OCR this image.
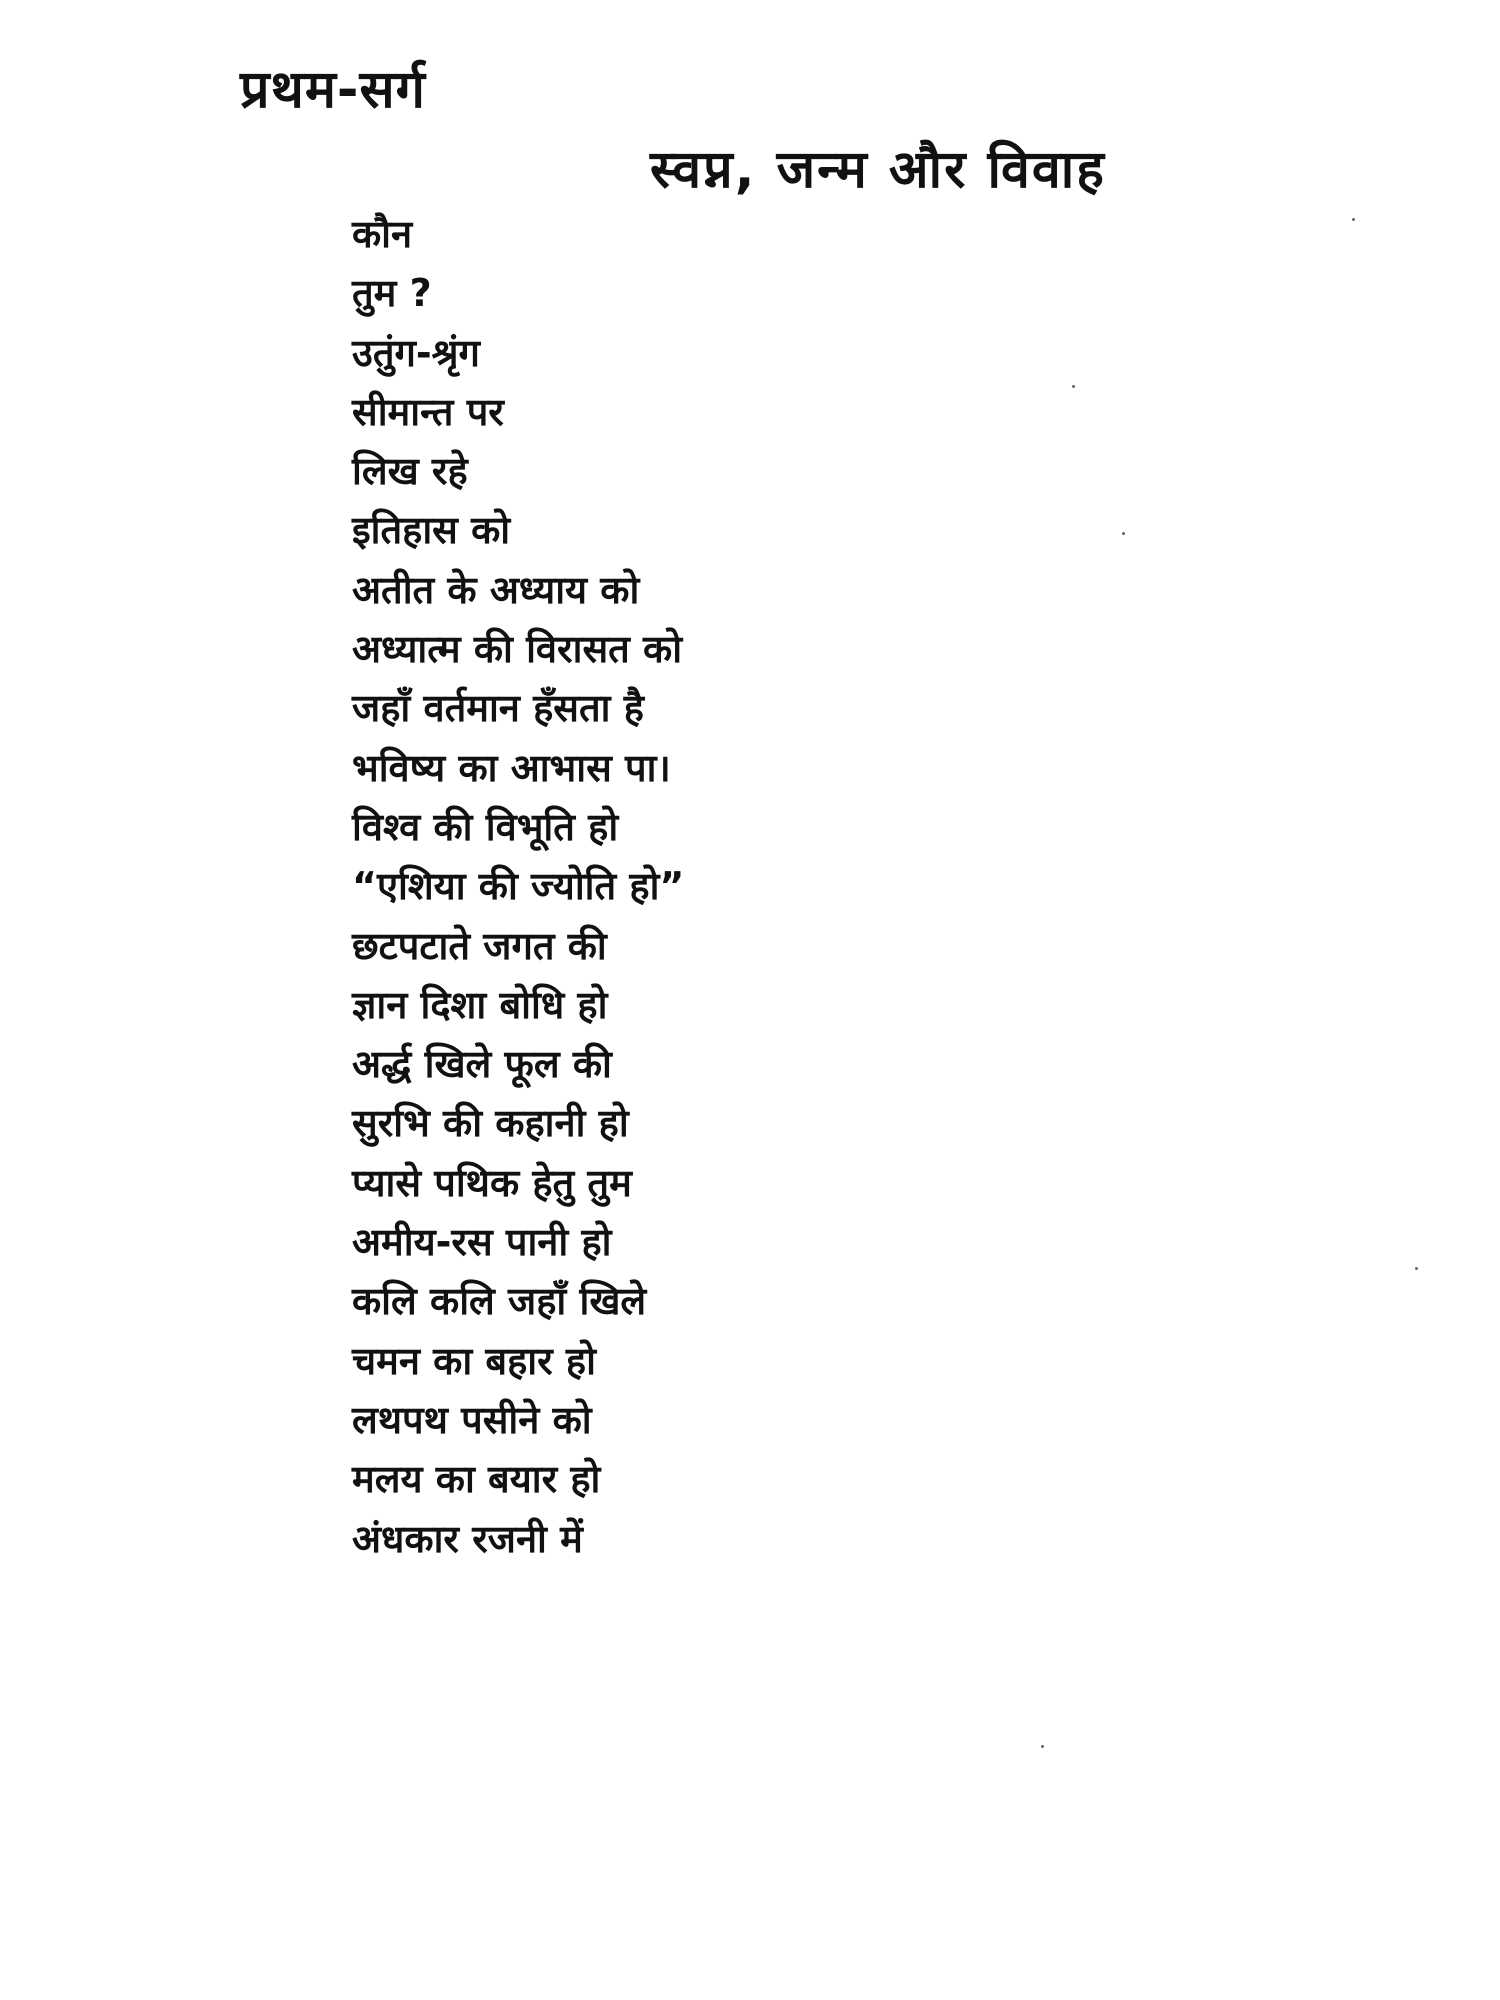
प्रथम-सर्ग
स्वप्न, जन्म और विवाह
कौन
तुम ?
उतुंग-श्रृंग
सीमान्त पर
लिख रहे
इतिहास को
अतीत के अध्याय को
अध्यात्म की विरासत को
जहाँ वर्तमान हँसता है
भविष्य का आभास पा।
विश्व की विभूति हो
“एशिया की ज्योति हो”
छटपटाते जगत की
ज्ञान दिशा बोधि हो
अर्द्ध खिले फूल की
सुरभि की कहानी हो
प्यासे पथिक हेतु तुम
अमीय-रस पानी हो
कलि कलि जहाँ खिले
चमन का बहार हो
लथपथ पसीने को
मलय का बयार हो
अंधकार रजनी में
